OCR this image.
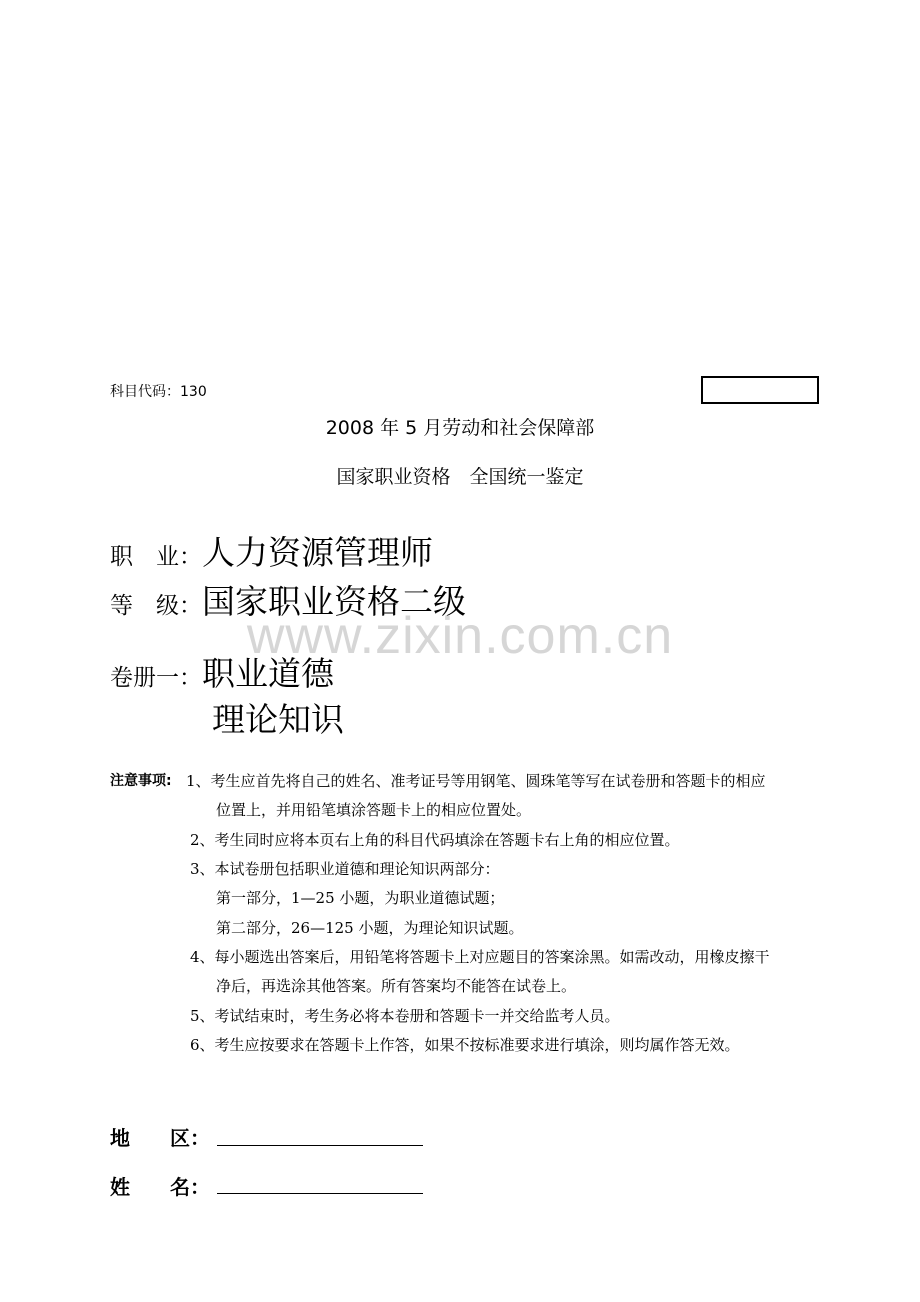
科目代码：130
2008 年 5 月劳动和社会保障部
国家职业资格　全国统一鉴定
职　业：人力资源管理师
等　级：国家职业资格二级
www.zixin.com.cn
卷册一：职业道德
理论知识
注意事项: 1、考生应首先将自己的姓名、准考证号等用钢笔、圆珠笔等写在试卷册和答题卡的相应
位置上，并用铅笔填涂答题卡上的相应位置处。
2、考生同时应将本页右上角的科目代码填涂在答题卡右上角的相应位置。
3、本试卷册包括职业道德和理论知识两部分：
第一部分，1—25 小题，为职业道德试题；
第二部分，26—125 小题，为理论知识试题。
4、每小题选出答案后，用铅笔将答题卡上对应题目的答案涂黑。如需改动，用橡皮擦干
净后，再选涂其他答案。所有答案均不能答在试卷上。
5、考试结束时，考生务必将本卷册和答题卡一并交给监考人员。
6、考生应按要求在答题卡上作答，如果不按标准要求进行填涂，则均属作答无效。
地　　区：
姓　　名：
